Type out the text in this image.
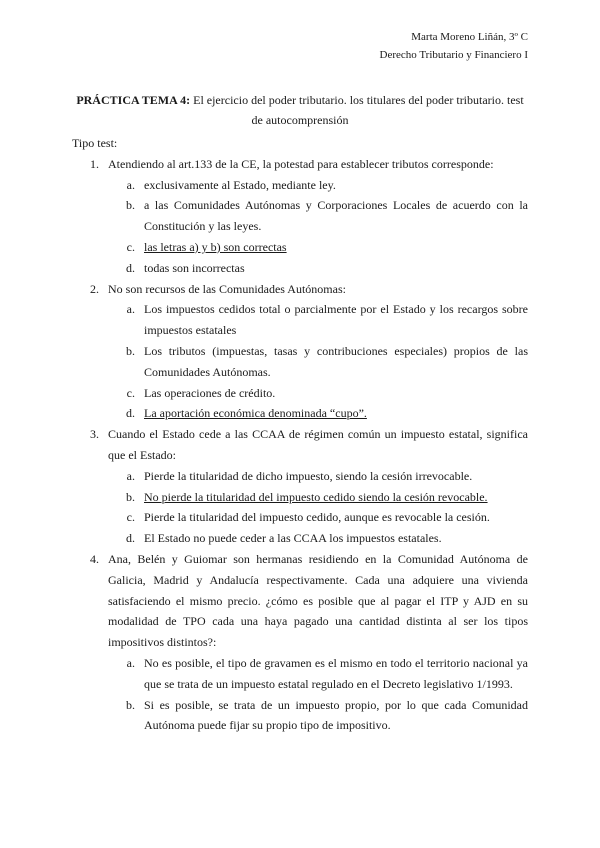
Marta Moreno Liñán, 3º C
Derecho Tributario y Financiero I
PRÁCTICA TEMA 4: El ejercicio del poder tributario. los titulares del poder tributario. test
de autocomprensión

Tipo test:

1. Atendiendo al art.133 de la CE, la potestad para establecer tributos corresponde:
a. exclusivamente al Estado, mediante ley.
b. a las Comunidades Autónomas y Corporaciones Locales de acuerdo con la Constitución y las leyes.
c. las letras a) y b) son correctas
d. todas son incorrectas
2. No son recursos de las Comunidades Autónomas:
a. Los impuestos cedidos total o parcialmente por el Estado y los recargos sobre impuestos estatales
b. Los tributos (impuestas, tasas y contribuciones especiales) propios de las Comunidades Autónomas.
c. Las operaciones de crédito.
d. La aportación económica denominada “cupo”.
3. Cuando el Estado cede a las CCAA de régimen común un impuesto estatal, significa que el Estado:
a. Pierde la titularidad de dicho impuesto, siendo la cesión irrevocable.
b. No pierde la titularidad del impuesto cedido siendo la cesión revocable.
c. Pierde la titularidad del impuesto cedido, aunque es revocable la cesión.
d. El Estado no puede ceder a las CCAA los impuestos estatales.
4. Ana, Belén y Guiomar son hermanas residiendo en la Comunidad Autónoma de Galicia, Madrid y Andalucía respectivamente. Cada una adquiere una vivienda satisfaciendo el mismo precio. ¿cómo es posible que al pagar el ITP y AJD en su modalidad de TPO cada una haya pagado una cantidad distinta al ser los tipos impositivos distintos?:
a. No es posible, el tipo de gravamen es el mismo en todo el territorio nacional ya que se trata de un impuesto estatal regulado en el Decreto legislativo 1/1993.
b. Si es posible, se trata de un impuesto propio, por lo que cada Comunidad Autónoma puede fijar su propio tipo de impositivo.
